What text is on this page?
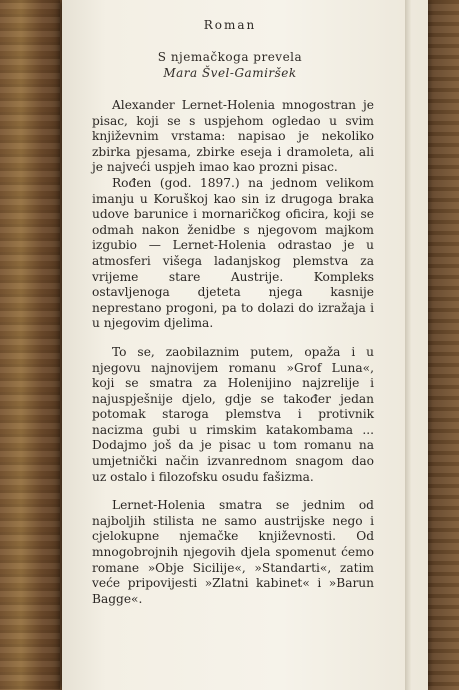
Roman
S njemačkoga prevela
Mara Švel-Gamiršek

Alexander Lernet-Holenia mnogostran je pisac, koji se s uspjehom ogledao u svim književnim vrstama: napisao je nekoliko zbirka pjesama, zbirke eseja i dramoleta, ali je najveći uspjeh imao kao prozni pisac.

Rođen (god. 1897.) na jednom velikom imanju u Koruškoj kao sin iz drugoga braka udove barunice i mornaričkog oficira, koji se odmah nakon ženidbe s njegovom majkom izgubio — Lernet-Holenia odrastao je u atmosferi višega ladanjskog plemstva za vrijeme stare Austrije. Kompleks ostavljenoga djeteta njega kasnije neprestano progoni, pa to dolazi do izražaja i u njegovim djelima.

To se, zaobilaznim putem, opaža i u njegovu najnovijem romanu »Grof Luna«, koji se smatra za Holenijino najzrelije i najuspješnije djelo, gdje se također jedan potomak staroga plemstva i protivnik nacizma gubi u rimskim katakombama ... Dodajmo još da je pisac u tom romanu na umjetnički način izvanrednom snagom dao uz ostalo i filozofsku osudu fašizma.

Lernet-Holenia smatra se jednim od najboljih stilista ne samo austrijske nego i cjelokupne njemačke književnosti. Od mnogobrojnih njegovih djela spomenut ćemo romane »Obje Sicilije«, »Standarti«, zatim veće pripovijesti »Zlatni kabinet« i »Barun Bagge«.
